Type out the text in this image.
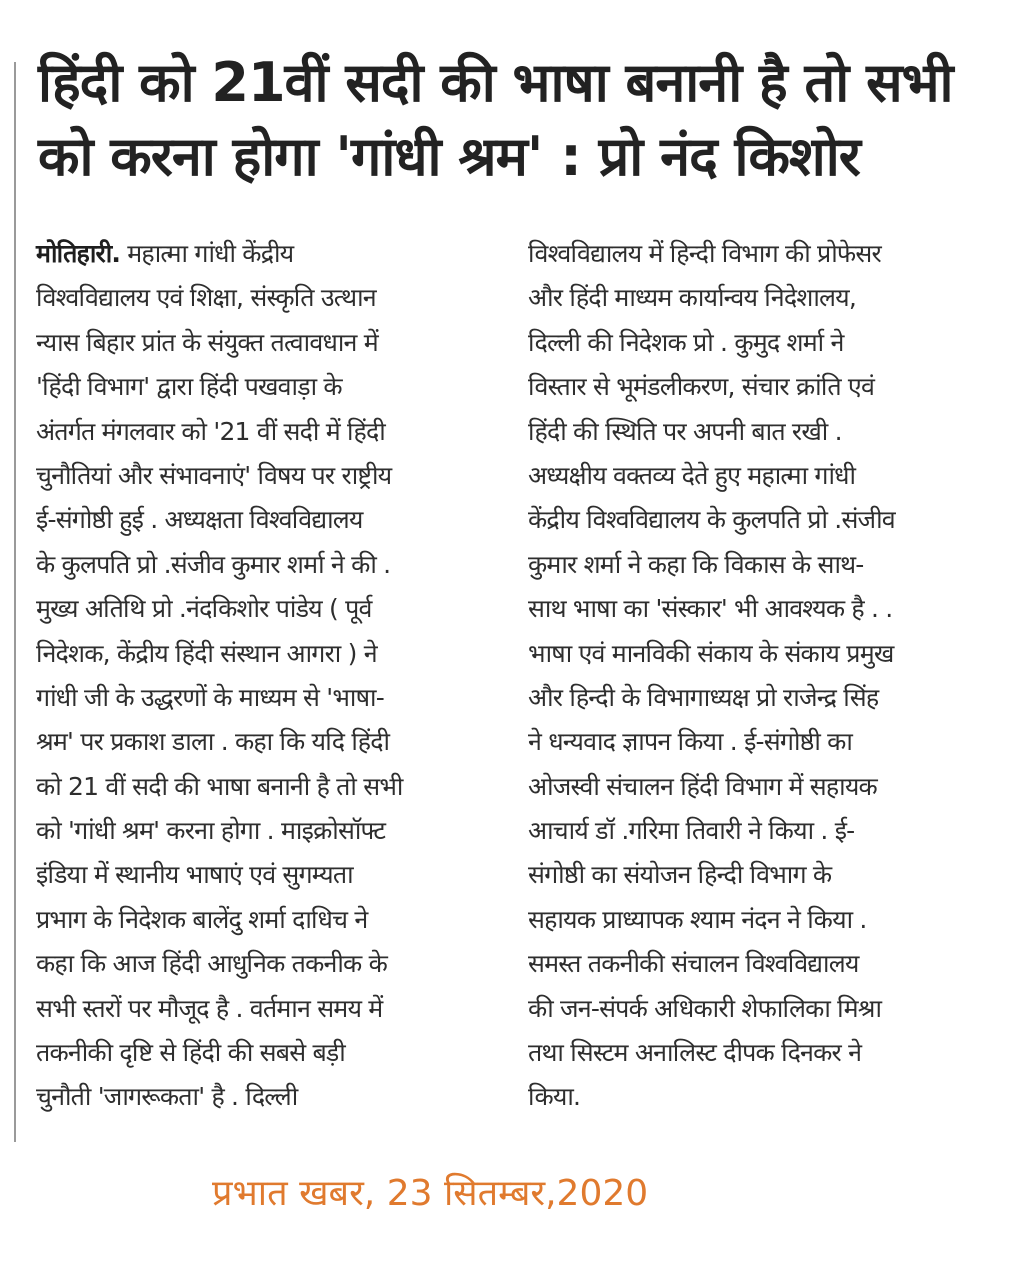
हिंदी को 21वीं सदी की भाषा बनानी है तो सभी
को करना होगा 'गांधी श्रम' : प्रो नंद किशोर
मोतिहारी. महात्मा गांधी केंद्रीय
विश्वविद्यालय एवं शिक्षा, संस्कृति उत्थान
न्यास बिहार प्रांत के संयुक्त तत्वावधान में
'हिंदी विभाग' द्वारा हिंदी पखवाड़ा के
अंतर्गत मंगलवार को '21 वीं सदी में हिंदी
चुनौतियां और संभावनाएं' विषय पर राष्ट्रीय
ई-संगोष्ठी हुई . अध्यक्षता विश्वविद्यालय
के कुलपति प्रो .संजीव कुमार शर्मा ने की .
मुख्य अतिथि प्रो .नंदकिशोर पांडेय ( पूर्व
निदेशक, केंद्रीय हिंदी संस्थान आगरा ) ने
गांधी जी के उद्धरणों के माध्यम से 'भाषा-
श्रम' पर प्रकाश डाला . कहा कि यदि हिंदी
को 21 वीं सदी की भाषा बनानी है तो सभी
को 'गांधी श्रम' करना होगा . माइक्रोसॉफ्ट
इंडिया में स्थानीय भाषाएं एवं सुगम्यता
प्रभाग के निदेशक बालेंदु शर्मा दाधिच ने
कहा कि आज हिंदी आधुनिक तकनीक के
सभी स्तरों पर मौजूद है . वर्तमान समय में
तकनीकी दृष्टि से हिंदी की सबसे बड़ी
चुनौती 'जागरूकता' है . दिल्ली
विश्वविद्यालय में हिन्दी विभाग की प्रोफेसर
और हिंदी माध्यम कार्यान्वय निदेशालय,
दिल्ली की निदेशक प्रो . कुमुद शर्मा ने
विस्तार से भूमंडलीकरण, संचार क्रांति एवं
हिंदी की स्थिति पर अपनी बात रखी .
अध्यक्षीय वक्तव्य देते हुए महात्मा गांधी
केंद्रीय विश्वविद्यालय के कुलपति प्रो .संजीव
कुमार शर्मा ने कहा कि विकास के साथ-
साथ भाषा का 'संस्कार' भी आवश्यक है . .
भाषा एवं मानविकी संकाय के संकाय प्रमुख
और हिन्दी के विभागाध्यक्ष प्रो राजेन्द्र सिंह
ने धन्यवाद ज्ञापन किया . ई-संगोष्ठी का
ओजस्वी संचालन हिंदी विभाग में सहायक
आचार्य डॉ .गरिमा तिवारी ने किया . ई-
संगोष्ठी का संयोजन हिन्दी विभाग के
सहायक प्राध्यापक श्याम नंदन ने किया .
समस्त तकनीकी संचालन विश्वविद्यालय
की जन-संपर्क अधिकारी शेफालिका मिश्रा
तथा सिस्टम अनालिस्ट दीपक दिनकर ने
किया.
प्रभात खबर, 23 सितम्बर,2020
